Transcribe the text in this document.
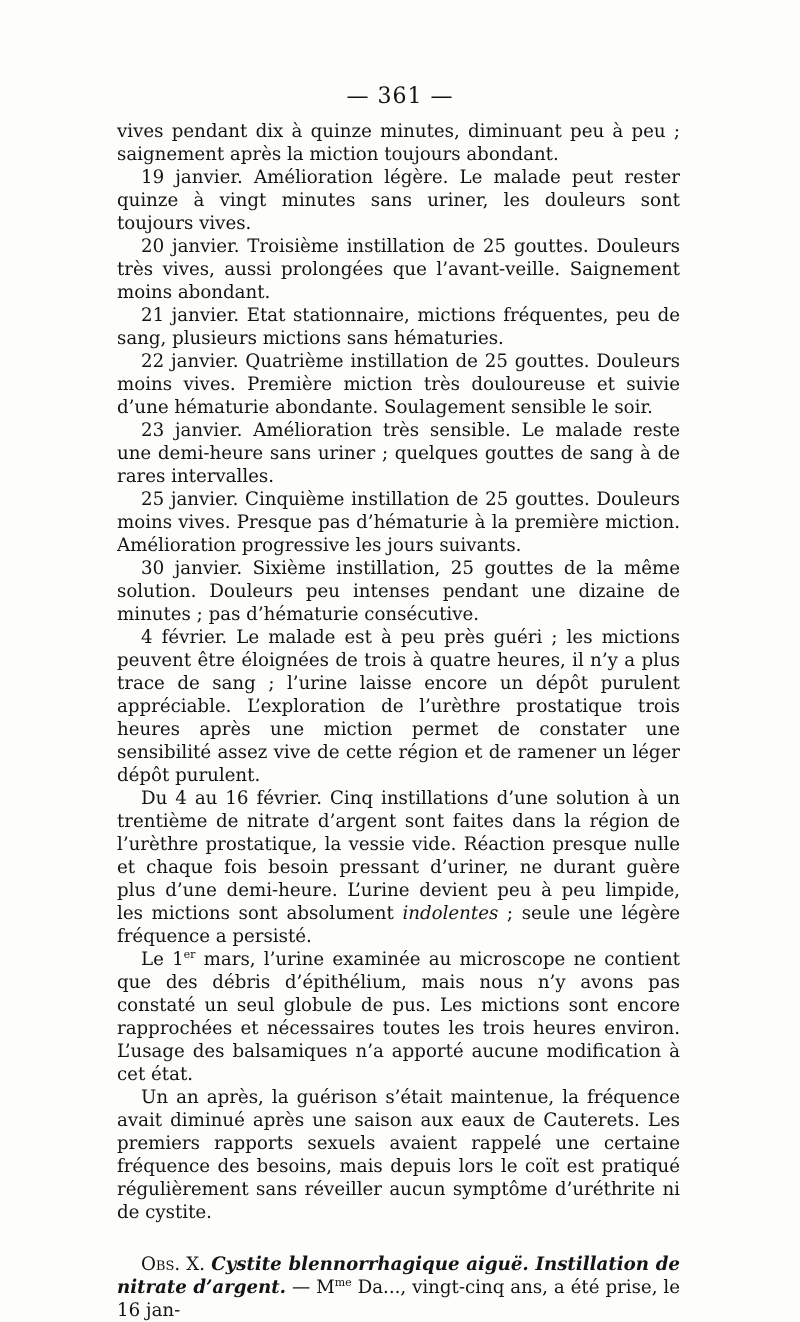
— 361 —

vives pendant dix à quinze minutes, diminuant peu à peu ; saignement après la miction toujours abondant.

19 janvier. Amélioration légère. Le malade peut rester quinze à vingt minutes sans uriner, les douleurs sont toujours vives.

20 janvier. Troisième instillation de 25 gouttes. Douleurs très vives, aussi prolongées que l’avant-veille. Saignement moins abondant.

21 janvier. Etat stationnaire, mictions fréquentes, peu de sang, plusieurs mictions sans hématuries.

22 janvier. Quatrième instillation de 25 gouttes. Douleurs moins vives. Première miction très douloureuse et suivie d’une hématurie abondante. Soulagement sensible le soir.

23 janvier. Amélioration très sensible. Le malade reste une demi-heure sans uriner ; quelques gouttes de sang à de rares intervalles.

25 janvier. Cinquième instillation de 25 gouttes. Douleurs moins vives. Presque pas d’hématurie à la première miction. Amélioration progressive les jours suivants.

30 janvier. Sixième instillation, 25 gouttes de la même solution. Douleurs peu intenses pendant une dizaine de minutes ; pas d’hématurie consécutive.

4 février. Le malade est à peu près guéri ; les mictions peuvent être éloignées de trois à quatre heures, il n’y a plus trace de sang ; l’urine laisse encore un dépôt purulent appréciable. L’exploration de l’urèthre prostatique trois heures après une miction permet de constater une sensibilité assez vive de cette région et de ramener un léger dépôt purulent.

Du 4 au 16 février. Cinq instillations d’une solution à un trentième de nitrate d’argent sont faites dans la région de l’urèthre prostatique, la vessie vide. Réaction presque nulle et chaque fois besoin pressant d’uriner, ne durant guère plus d’une demi-heure. L’urine devient peu à peu limpide, les mictions sont absolument indolentes ; seule une légère fréquence a persisté.

Le 1er mars, l’urine examinée au microscope ne contient que des débris d’épithélium, mais nous n’y avons pas constaté un seul globule de pus. Les mictions sont encore rapprochées et nécessaires toutes les trois heures environ. L’usage des balsamiques n’a apporté aucune modification à cet état.

Un an après, la guérison s’était maintenue, la fréquence avait diminué après une saison aux eaux de Cauterets. Les premiers rapports sexuels avaient rappelé une certaine fréquence des besoins, mais depuis lors le coït est pratiqué régulièrement sans réveiller aucun symptôme d’uréthrite ni de cystite.

Obs. X. Cystite blennorrhagique aiguë. Instillation de nitrate d’argent. — $M^{me}$ Da..., vingt-cinq ans, a été prise, le 16 jan-
